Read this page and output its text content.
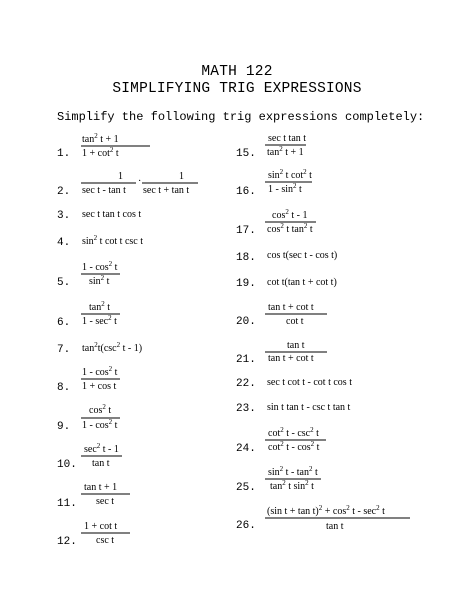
MATH 122
SIMPLIFYING TRIG EXPRESSIONS
Simplify the following trig expressions completely:
1.
2.
3.
4.
5.
6.
7.
8.
9.
10.
11.
12.
15.
16.
17.
18.
19.
20.
21.
22.
23.
24.
25.
26.
$\tan^2 t + 1$
$1 + \cot^2 t$
1
sec t - tan t
·	1
sec t + tan t
sec t tan t cos t
$\sin^2 t$ cot t csc t
$1 - \cos^2 t$
$\sin^2 t$
$\tan^2 t$
$1 - \sec^2 t$
$\tan^2t(\csc^2$ t - 1)
$1 - \cos^2 t$
1 + cos t
$\cos^2 t$
$1 - \cos^2 t$
$\sec^2 t - 1$
tan t
tan t + 1
sec t
1 + cot t
csc t
sec t tan t
$\tan^2 t + 1$
$\sin^2 t$ $\cot^2 t$
$1 - \sin^2 t$
$\cos^2 t - 1$
$\cos^2 t$ $\tan^2 t$
cos t(sec t - cos t)
cot t(tan t + cot t)
tan t + cot t
cot t
tan t
tan t + cot t
sec t cot t - cot t cos t
sin t tan t - csc t tan t
$\cot^2 t - \csc^2 t$
$\cot^2 t - \cos^2 t$
$\sin^2 t - \tan^2 t$
$\tan^2 t$ $\sin^2 t$
(sin $t + \tan t)^2 + \cos^2 t - \sec^2 t$
tan t
